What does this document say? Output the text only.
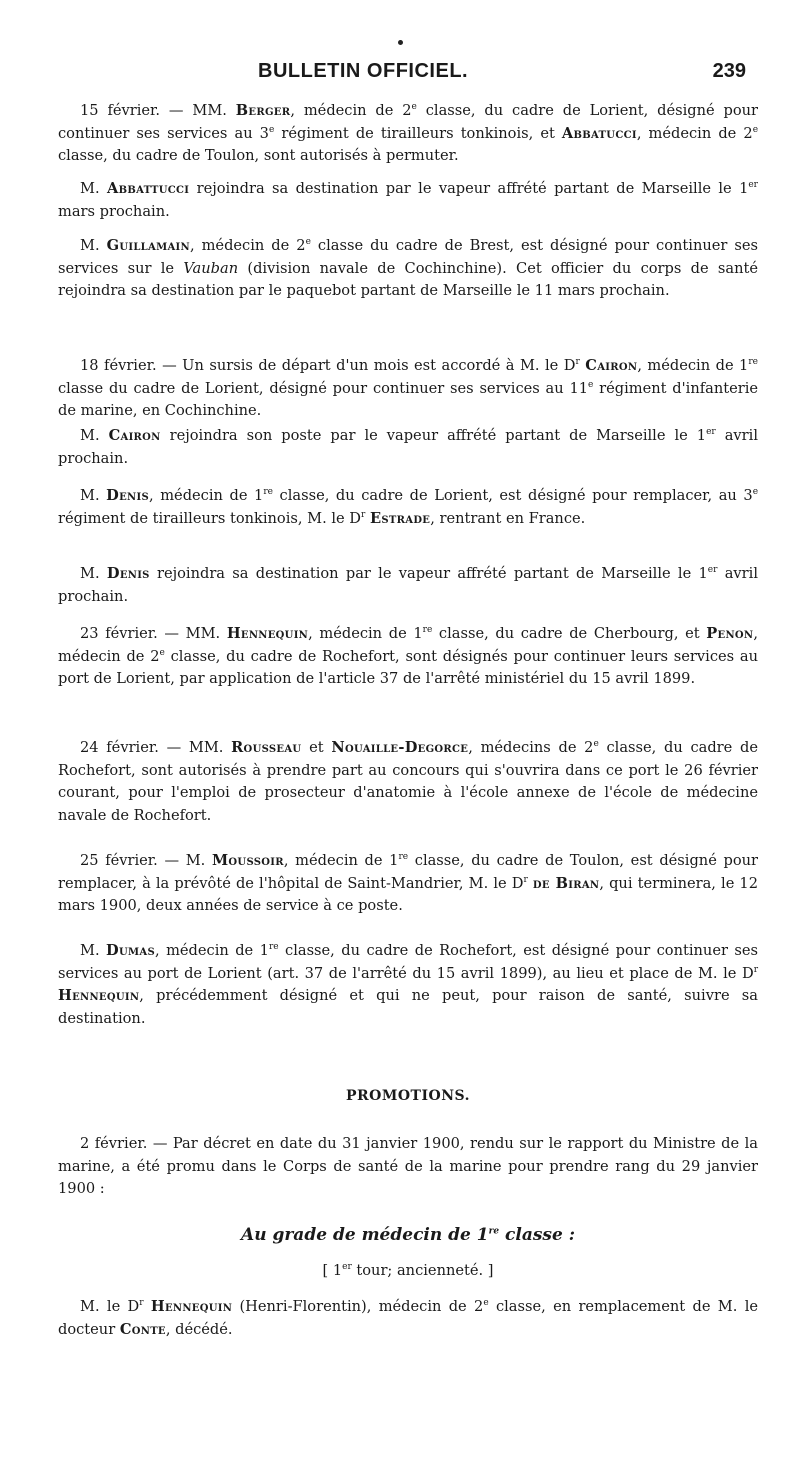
BULLETIN OFFICIEL.	239

15 février. — MM. Berger, médecin de 2e classe, du cadre de Lorient, désigné pour continuer ses services au 3e régiment de tirailleurs tonkinois, et Abbatucci, médecin de 2e classe, du cadre de Toulon, sont autorisés à permuter.

M. Abbattucci rejoindra sa destination par le vapeur affrété partant de Marseille le 1er mars prochain.

M. Guillamain, médecin de 2e classe du cadre de Brest, est désigné pour continuer ses services sur le Vauban (division navale de Cochinchine). Cet officier du corps de santé rejoindra sa destination par le paquebot partant de Marseille le 11 mars prochain.

18 février. — Un sursis de départ d'un mois est accordé à M. le $D^r$ Cairon, médecin de 1re classe du cadre de Lorient, désigné pour continuer ses services au 11e régiment d'infanterie de marine, en Cochinchine.

M. Cairon rejoindra son poste par le vapeur affrété partant de Marseille le 1er avril prochain.

M. Denis, médecin de 1re classe, du cadre de Lorient, est désigné pour remplacer, au 3e régiment de tirailleurs tonkinois, M. le $D^r$ Estrade, rentrant en France.

M. Denis rejoindra sa destination par le vapeur affrété partant de Marseille le 1er avril prochain.

23 février. — MM. Hennequin, médecin de 1re classe, du cadre de Cherbourg, et Penon, médecin de 2e classe, du cadre de Rochefort, sont désignés pour continuer leurs services au port de Lorient, par application de l'article 37 de l'arrêté ministériel du 15 avril 1899.

24 février. — MM. Rousseau et Nouaille-Degorce, médecins de 2e classe, du cadre de Rochefort, sont autorisés à prendre part au concours qui s'ouvrira dans ce port le 26 février courant, pour l'emploi de prosecteur d'anatomie à l'école annexe de l'école de médecine navale de Rochefort.

25 février. — M. Moussoir, médecin de 1re classe, du cadre de Toulon, est désigné pour remplacer, à la prévôté de l'hôpital de Saint-Mandrier, M. le $D^r$ de Biran, qui terminera, le 12 mars 1900, deux années de service à ce poste.

M. Dumas, médecin de 1re classe, du cadre de Rochefort, est désigné pour continuer ses services au port de Lorient (art. 37 de l'arrêté du 15 avril 1899), au lieu et place de M. le $D^r$ Hennequin, précédemment désigné et qui ne peut, pour raison de santé, suivre sa destination.

PROMOTIONS.

2 février. — Par décret en date du 31 janvier 1900, rendu sur le rapport du Ministre de la marine, a été promu dans le Corps de santé de la marine pour prendre rang du 29 janvier 1900 :

Au grade de médecin de 1re classe :
[ 1er tour; ancienneté. ]

M. le $D^r$ Hennequin (Henri-Florentin), médecin de 2e classe, en remplacement de M. le docteur Conte, décédé.
